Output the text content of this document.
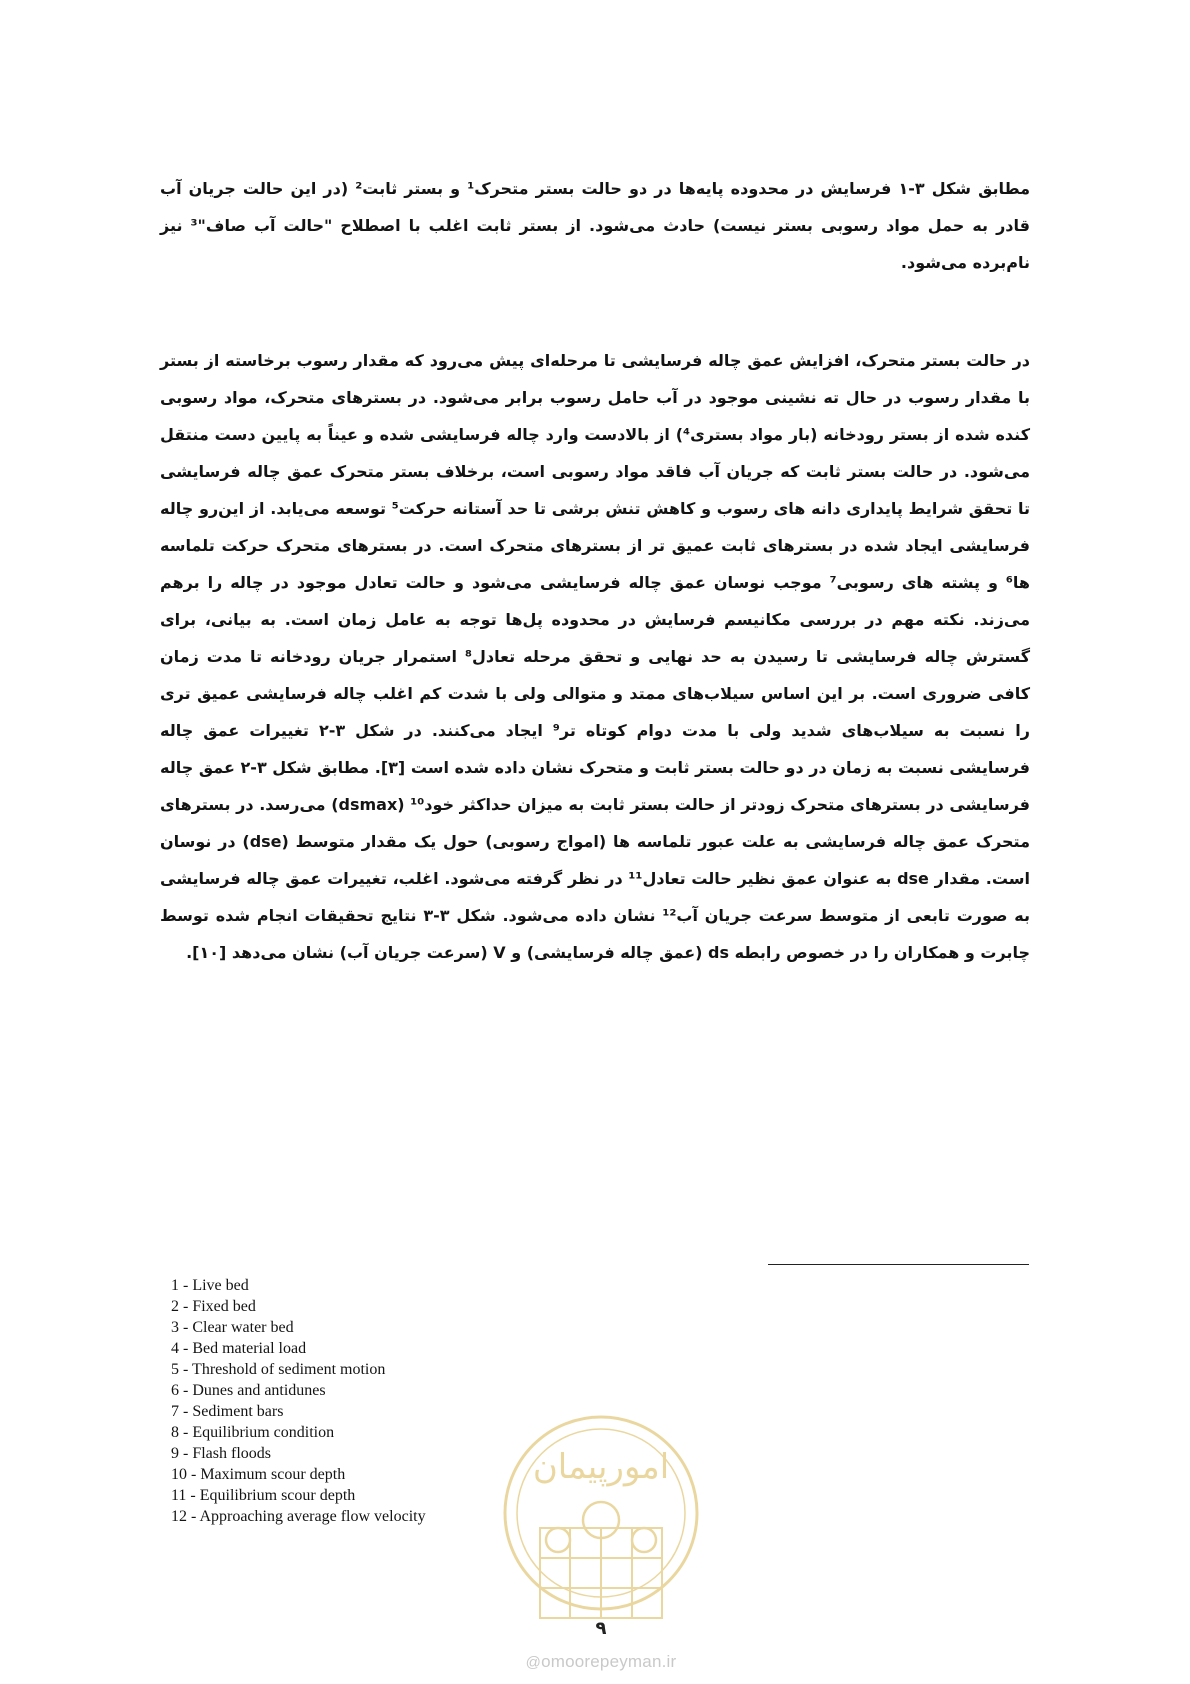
مطابق شکل ۳-۱ فرسایش در محدوده پایه‌ها در دو حالت بستر متحرک¹ و بستر ثابت² (در این حالت جریان آب قادر به حمل مواد رسوبی بستر نیست) حادث می‌شود. از بستر ثابت اغلب با اصطلاح "حالت آب صاف"³ نیز نام‌برده می‌شود.
در حالت بستر متحرک، افزایش عمق چاله فرسایشی تا مرحله‌ای پیش می‌رود که مقدار رسوب برخاسته از بستر با مقدار رسوب در حال ته نشینی موجود در آب حامل رسوب برابر می‌شود. در بسترهای متحرک، مواد رسوبی کنده شده از بستر رودخانه (بار مواد بستری⁴) از بالادست وارد چاله فرسایشی شده و عیناً به پایین دست منتقل می‌شود. در حالت بستر ثابت که جریان آب فاقد مواد رسوبی است، برخلاف بستر متحرک عمق چاله فرسایشی تا تحقق شرایط پایداری دانه های رسوب و کاهش تنش برشی تا حد آستانه حرکت⁵ توسعه می‌یابد. از این‌رو چاله فرسایشی ایجاد شده در بسترهای ثابت عمیق تر از بسترهای متحرک است. در بسترهای متحرک حرکت تلماسه ها⁶ و پشته های رسوبی⁷ موجب نوسان عمق چاله فرسایشی می‌شود و حالت تعادل موجود در چاله را برهم می‌زند. نکته مهم در بررسی مکانیسم فرسایش در محدوده پل‌ها توجه به عامل زمان است. به بیانی، برای گسترش چاله فرسایشی تا رسیدن به حد نهایی و تحقق مرحله تعادل⁸ استمرار جریان رودخانه تا مدت زمان کافی ضروری است. بر این اساس سیلاب‌های ممتد و متوالی ولی با شدت کم اغلب چاله فرسایشی عمیق تری را نسبت به سیلاب‌های شدید ولی با مدت دوام کوتاه تر⁹ ایجاد می‌کنند. در شکل ۳-۲ تغییرات عمق چاله فرسایشی نسبت به زمان در دو حالت بستر ثابت و متحرک نشان داده شده است [۳]. مطابق شکل ۳-۲ عمق چاله فرسایشی در بسترهای متحرک زودتر از حالت بستر ثابت به میزان حداکثر خود¹⁰ (dsmax) می‌رسد. در بسترهای متحرک عمق چاله فرسایشی به علت عبور تلماسه ها (امواج رسوبی) حول یک مقدار متوسط (dse) در نوسان است. مقدار dse به عنوان عمق نظیر حالت تعادل¹¹ در نظر گرفته می‌شود. اغلب، تغییرات عمق چاله فرسایشی به صورت تابعی از متوسط سرعت جریان آب¹² نشان داده می‌شود. شکل ۳-۳ نتایج تحقیقات انجام شده توسط چابرت و همکاران را در خصوص رابطه ds (عمق چاله فرسایشی) و V (سرعت جریان آب) نشان می‌دهد [۱۰].
1 - Live bed
2 - Fixed bed
3 - Clear water bed
4 - Bed material load
5 - Threshold of sediment motion
6 - Dunes and antidunes
7 - Sediment bars
8 - Equilibrium condition
9 - Flash floods
10 - Maximum scour depth
11 - Equilibrium scour depth
12 - Approaching average flow velocity
امورپیمان
۹
@omoorepeyman.ir
